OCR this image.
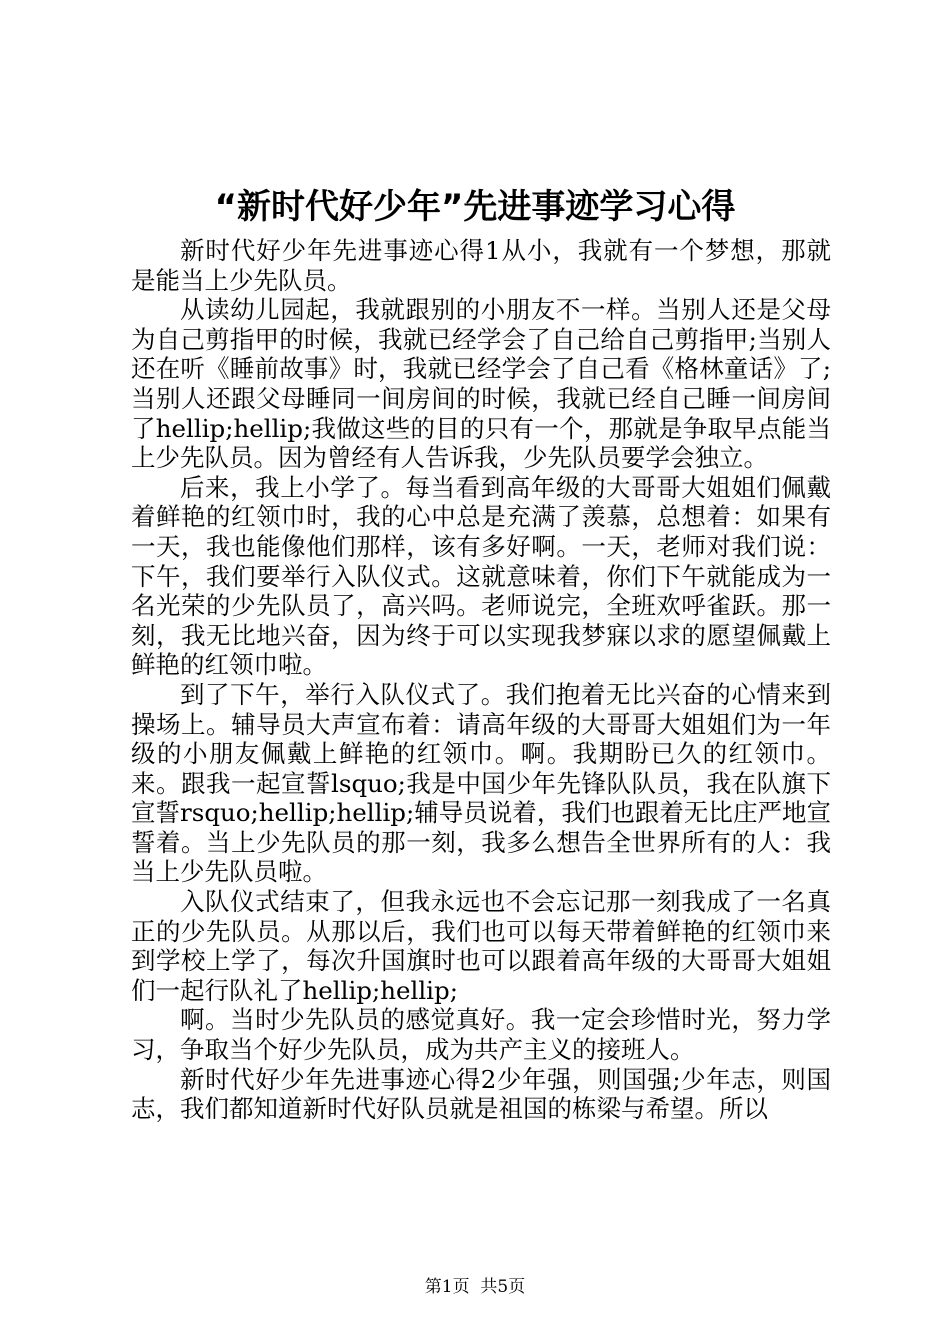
“新时代好少年”先进事迹学习心得

新时代好少年先进事迹心得1从小，我就有一个梦想，那就是能当上少先队员。

从读幼儿园起，我就跟别的小朋友不一样。当别人还是父母为自己剪指甲的时候，我就已经学会了自己给自己剪指甲;当别人还在听《睡前故事》时，我就已经学会了自己看《格林童话》了;当别人还跟父母睡同一间房间的时候，我就已经自己睡一间房间了hellip;hellip;我做这些的目的只有一个，那就是争取早点能当上少先队员。因为曾经有人告诉我，少先队员要学会独立。

后来，我上小学了。每当看到高年级的大哥哥大姐姐们佩戴着鲜艳的红领巾时，我的心中总是充满了羡慕，总想着：如果有一天，我也能像他们那样，该有多好啊。一天，老师对我们说：下午，我们要举行入队仪式。这就意味着，你们下午就能成为一名光荣的少先队员了，高兴吗。老师说完，全班欢呼雀跃。那一刻，我无比地兴奋，因为终于可以实现我梦寐以求的愿望佩戴上鲜艳的红领巾啦。

到了下午，举行入队仪式了。我们抱着无比兴奋的心情来到操场上。辅导员大声宣布着：请高年级的大哥哥大姐姐们为一年级的小朋友佩戴上鲜艳的红领巾。啊。我期盼已久的红领巾。来。跟我一起宣誓lsquo;我是中国少年先锋队队员，我在队旗下宣誓rsquo;hellip;hellip;辅导员说着，我们也跟着无比庄严地宣誓着。当上少先队员的那一刻，我多么想告全世界所有的人：我当上少先队员啦。

入队仪式结束了，但我永远也不会忘记那一刻我成了一名真正的少先队员。从那以后，我们也可以每天带着鲜艳的红领巾来到学校上学了，每次升国旗时也可以跟着高年级的大哥哥大姐姐们一起行队礼了hellip;hellip;

啊。当时少先队员的感觉真好。我一定会珍惜时光，努力学习，争取当个好少先队员，成为共产主义的接班人。

新时代好少年先进事迹心得2少年强，则国强;少年志，则国志，我们都知道新时代好队员就是祖国的栋梁与希望。所以

第1页  共5页
